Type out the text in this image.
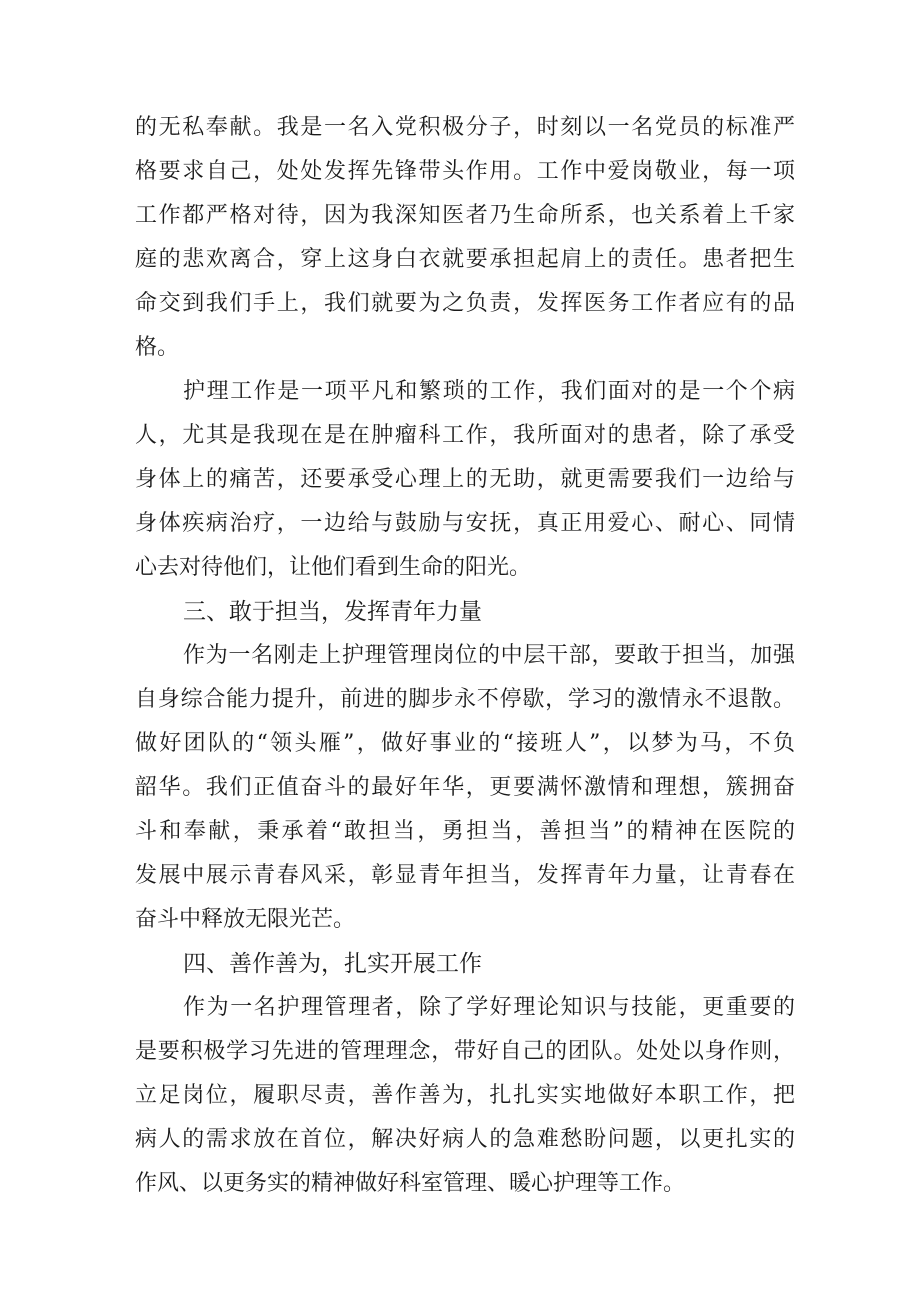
的无私奉献。我是一名入党积极分子，时刻以一名党员的标准严
格要求自己，处处发挥先锋带头作用。工作中爱岗敬业，每一项
工作都严格对待，因为我深知医者乃生命所系，也关系着上千家
庭的悲欢离合，穿上这身白衣就要承担起肩上的责任。患者把生
命交到我们手上，我们就要为之负责，发挥医务工作者应有的品
格。
护理工作是一项平凡和繁琐的工作，我们面对的是一个个病
人，尤其是我现在是在肿瘤科工作，我所面对的患者，除了承受
身体上的痛苦，还要承受心理上的无助，就更需要我们一边给与
身体疾病治疗，一边给与鼓励与安抚，真正用爱心、耐心、同情
心去对待他们，让他们看到生命的阳光。
三、敢于担当，发挥青年力量
作为一名刚走上护理管理岗位的中层干部，要敢于担当，加强
自身综合能力提升，前进的脚步永不停歇，学习的激情永不退散。
做好团队的“领头雁”，做好事业的“接班人”，以梦为马，不负
韶华。我们正值奋斗的最好年华，更要满怀激情和理想，簇拥奋
斗和奉献，秉承着“敢担当，勇担当，善担当”的精神在医院的
发展中展示青春风采，彰显青年担当，发挥青年力量，让青春在
奋斗中释放无限光芒。
四、善作善为，扎实开展工作
作为一名护理管理者，除了学好理论知识与技能，更重要的
是要积极学习先进的管理理念，带好自己的团队。处处以身作则，
立足岗位，履职尽责，善作善为，扎扎实实地做好本职工作，把
病人的需求放在首位，解决好病人的急难愁盼问题，以更扎实的
作风、以更务实的精神做好科室管理、暖心护理等工作。
